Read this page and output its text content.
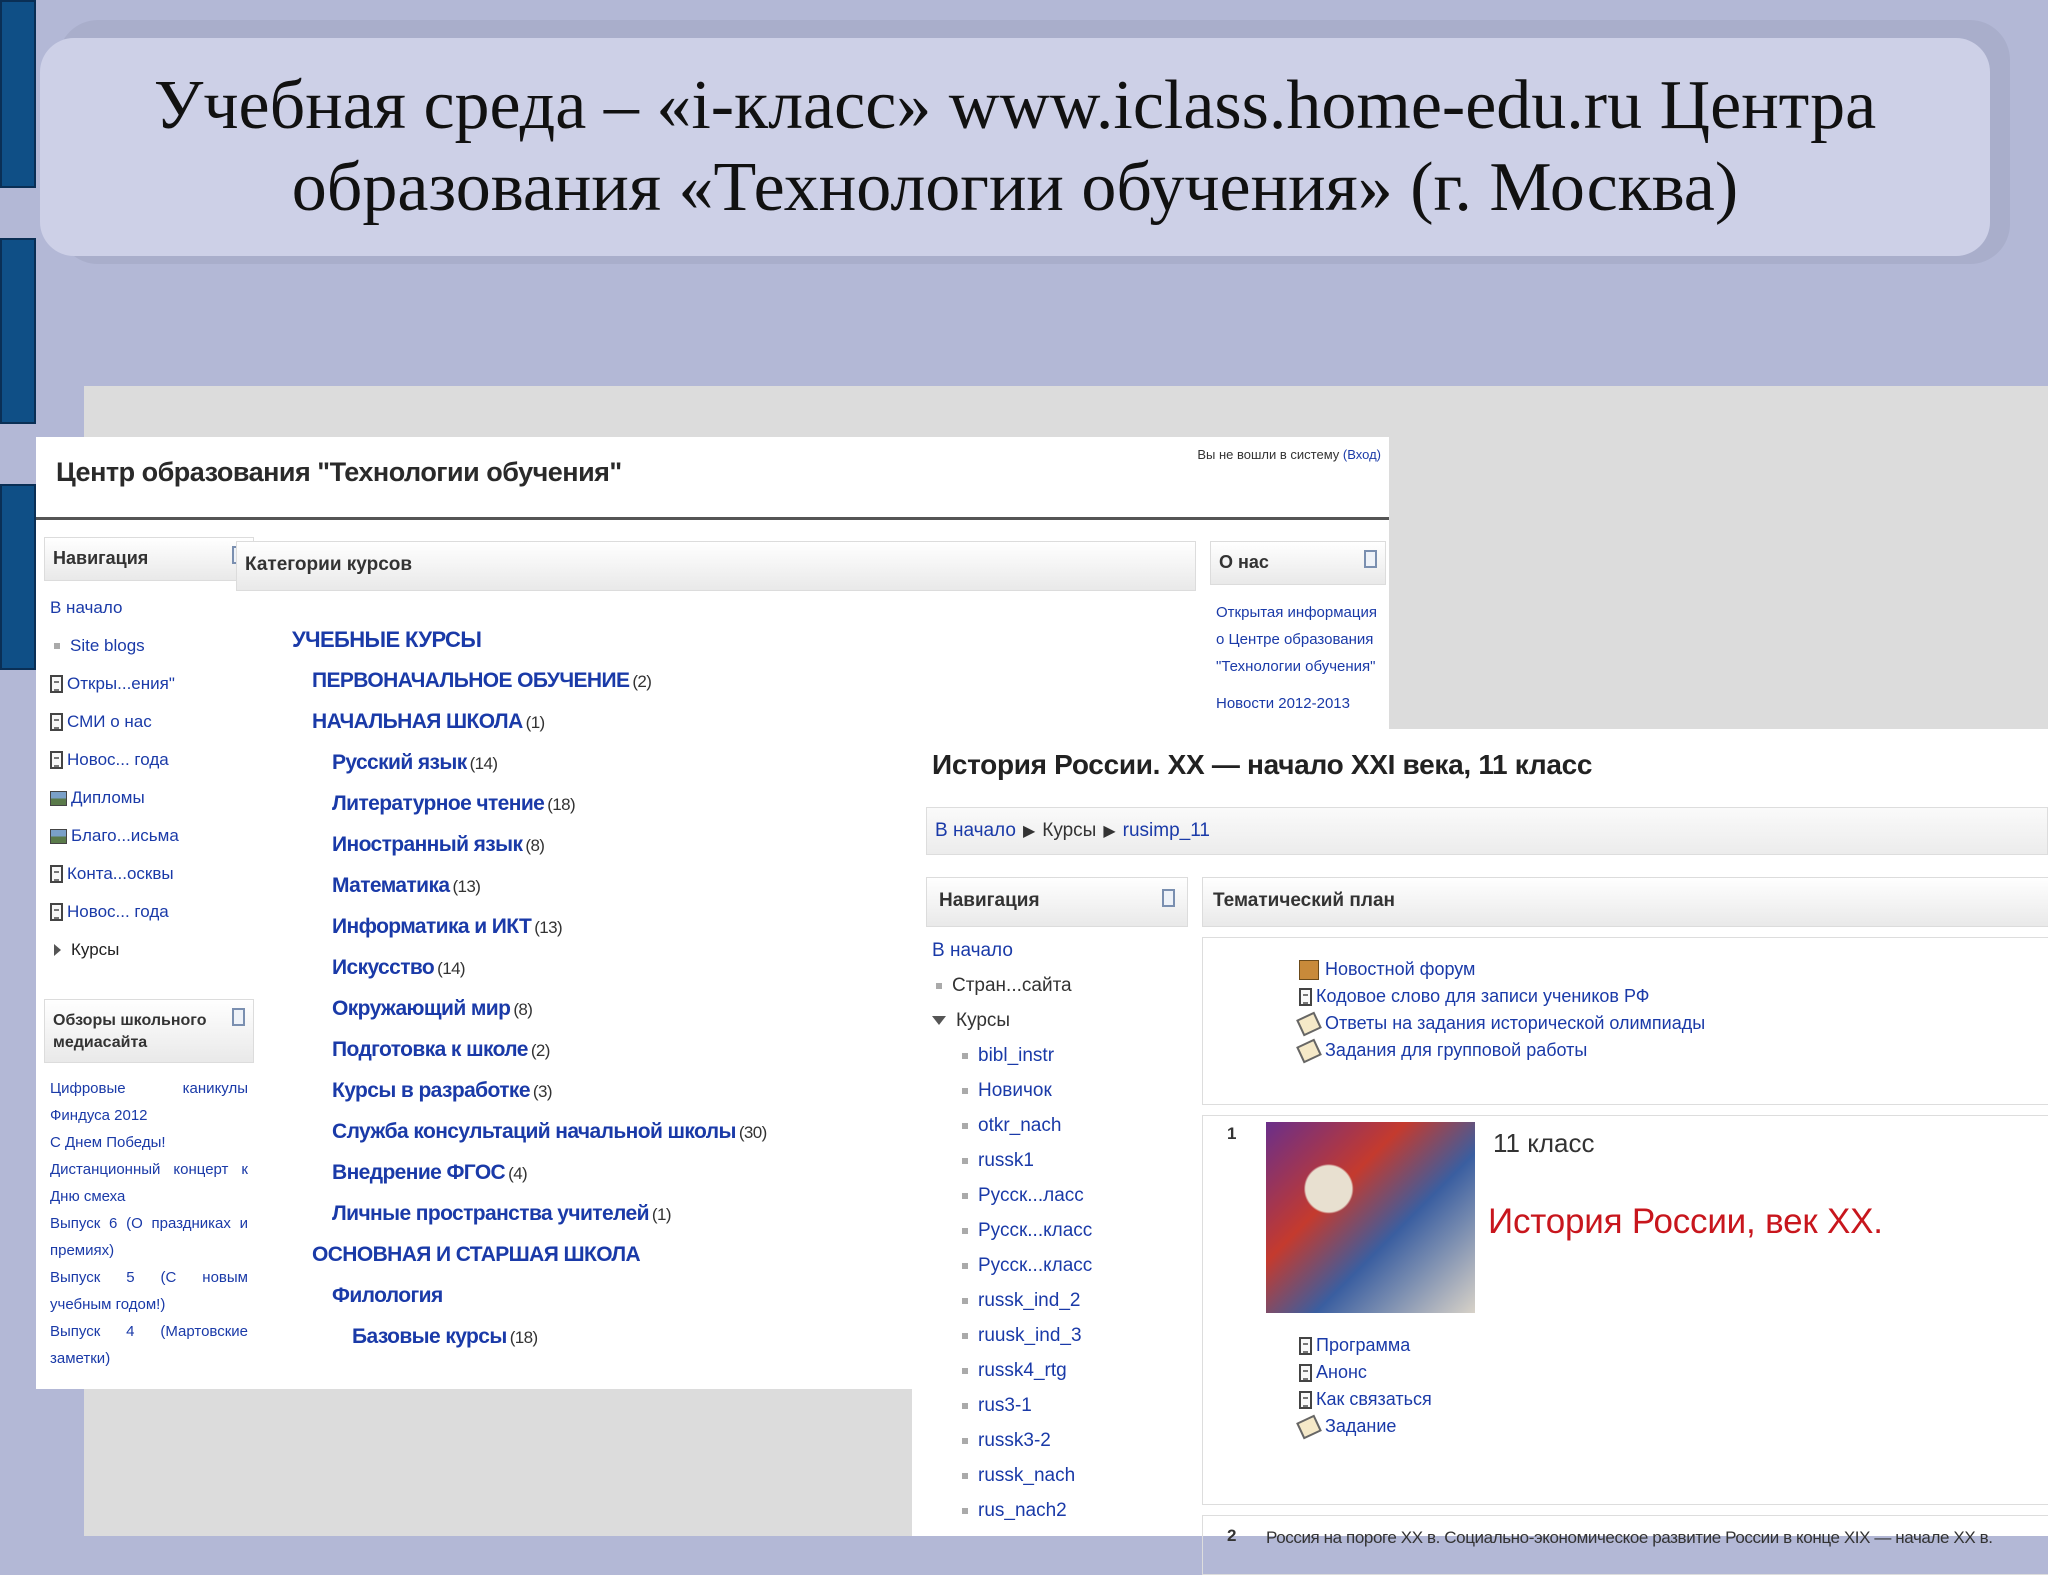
Учебная среда – «i-класс» www.iclass.home-edu.ru Центра
образования «Технологии обучения» (г. Москва)
Центр образования "Технологии обучения"
Вы не вошли в систему (Вход)
Навигация
В начало
Site blogs
Откры...ения"
СМИ о нас
Новос... года
Дипломы
Благо...исьма
Конта...осквы
Новос... года
Курсы
Обзоры школьного медиасайта
Цифровые каникулы Финдуса 2012
С Днем Победы!
Дистанционный концерт к Дню смеха
Выпуск 6 (О праздниках и премиях)
Выпуск 5 (С новым учебным годом!)
Выпуск 4 (Мартовские заметки)
Категории курсов
УЧЕБНЫЕ КУРСЫ
ПЕРВОНАЧАЛЬНОЕ ОБУЧЕНИЕ (2)
НАЧАЛЬНАЯ ШКОЛА (1)
Русский язык (14)
Литературное чтение (18)
Иностранный язык (8)
Математика (13)
Информатика и ИКТ (13)
Искусство (14)
Окружающий мир (8)
Подготовка к школе (2)
Курсы в разработке (3)
Служба консультаций начальной школы (30)
Внедрение ФГОС (4)
Личные пространства учителей (1)
ОСНОВНАЯ И СТАРШАЯ ШКОЛА
Филология
Базовые курсы (18)
О нас
Открытая информация о Центре образования "Технологии обучения"
Новости 2012-2013
История России. XX — начало XXI века, 11 класс
В начало ▶ Курсы ▶ rusimp_11
Навигация
В начало
Стран...сайта
Курсы
bibl_instr
Новичок
otkr_nach
russk1
Русск...ласс
Русск...класс
Русск...класс
russk_ind_2
ruusk_ind_3
russk4_rtg
rus3-1
russk3-2
russk_nach
rus_nach2
Тематический план
Новостной форум
Кодовое слово для записи учеников РФ
Ответы на задания исторической олимпиады
Задания для групповой работы
1	11 класс
История России, век XX.
Программа
Анонс
Как связаться
Задание
2 Россия на пороге XX в. Социально-экономическое развитие России в конце XIX — начале XX в.
